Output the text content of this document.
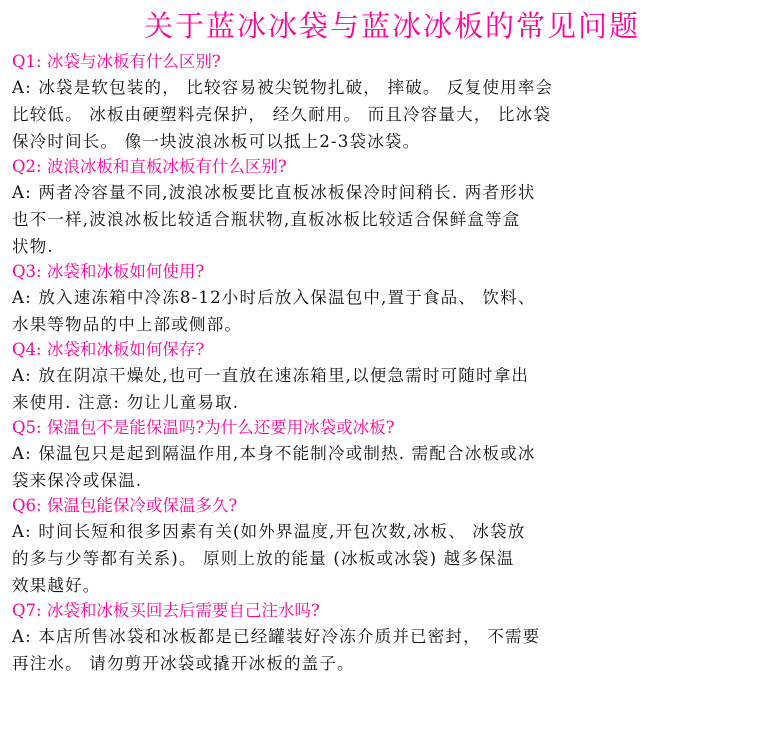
关于蓝冰冰袋与蓝冰冰板的常见问题
Q1: 冰袋与冰板有什么区别?
A: 冰袋是软包装的， 比较容易被尖锐物扎破， 摔破。 反复使用率会
比较低。 冰板由硬塑料壳保护， 经久耐用。 而且冷容量大， 比冰袋
保冷时间长。 像一块波浪冰板可以抵上2-3袋冰袋。
Q2: 波浪冰板和直板冰板有什么区别?
A: 两者冷容量不同,波浪冰板要比直板冰板保冷时间稍长. 两者形状
也不一样,波浪冰板比较适合瓶状物,直板冰板比较适合保鲜盒等盒
状物.
Q3: 冰袋和冰板如何使用?
A: 放入速冻箱中冷冻8-12小时后放入保温包中,置于食品、 饮料、
水果等物品的中上部或侧部。
Q4: 冰袋和冰板如何保存?
A: 放在阴凉干燥处,也可一直放在速冻箱里,以便急需时可随时拿出
来使用. 注意: 勿让儿童易取.
Q5: 保温包不是能保温吗?为什么还要用冰袋或冰板?
A: 保温包只是起到隔温作用,本身不能制冷或制热. 需配合冰板或冰
袋来保冷或保温.
Q6: 保温包能保冷或保温多久?
A: 时间长短和很多因素有关(如外界温度,开包次数,冰板、 冰袋放
的多与少等都有关系)。 原则上放的能量 (冰板或冰袋) 越多保温
效果越好。
Q7: 冰袋和冰板买回去后需要自己注水吗?
A: 本店所售冰袋和冰板都是已经罐装好冷冻介质并已密封， 不需要
再注水。 请勿剪开冰袋或撬开冰板的盖子。
